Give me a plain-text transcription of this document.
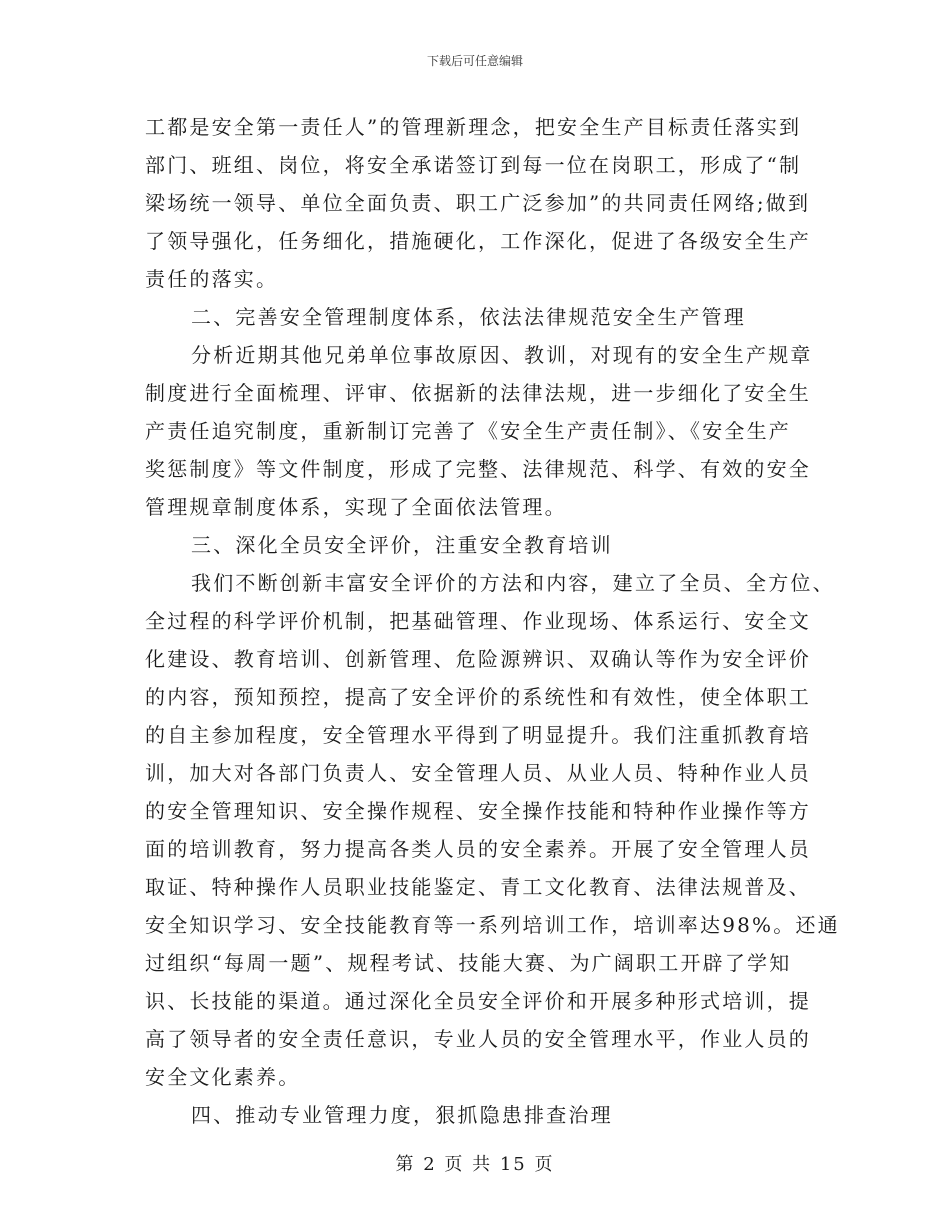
下载后可任意编辑
工都是安全第一责任人”的管理新理念，把安全生产目标责任落实到
部门、班组、岗位，将安全承诺签订到每一位在岗职工，形成了“制
梁场统一领导、单位全面负责、职工广泛参加”的共同责任网络;做到
了领导强化，任务细化，措施硬化，工作深化，促进了各级安全生产
责任的落实。
二、完善安全管理制度体系，依法法律规范安全生产管理
分析近期其他兄弟单位事故原因、教训，对现有的安全生产规章
制度进行全面梳理、评审、依据新的法律法规，进一步细化了安全生
产责任追究制度，重新制订完善了《安全生产责任制》、《安全生产
奖惩制度》等文件制度，形成了完整、法律规范、科学、有效的安全
管理规章制度体系，实现了全面依法管理。
三、深化全员安全评价，注重安全教育培训
我们不断创新丰富安全评价的方法和内容，建立了全员、全方位、
全过程的科学评价机制，把基础管理、作业现场、体系运行、安全文
化建设、教育培训、创新管理、危险源辨识、双确认等作为安全评价
的内容，预知预控，提高了安全评价的系统性和有效性，使全体职工
的自主参加程度，安全管理水平得到了明显提升。我们注重抓教育培
训，加大对各部门负责人、安全管理人员、从业人员、特种作业人员
的安全管理知识、安全操作规程、安全操作技能和特种作业操作等方
面的培训教育，努力提高各类人员的安全素养。开展了安全管理人员
取证、特种操作人员职业技能鉴定、青工文化教育、法律法规普及、
安全知识学习、安全技能教育等一系列培训工作，培训率达98%。还通
过组织“每周一题”、规程考试、技能大赛、为广阔职工开辟了学知
识、长技能的渠道。通过深化全员安全评价和开展多种形式培训，提
高了领导者的安全责任意识，专业人员的安全管理水平，作业人员的
安全文化素养。
四、推动专业管理力度，狠抓隐患排查治理
第 2 页 共 15 页
